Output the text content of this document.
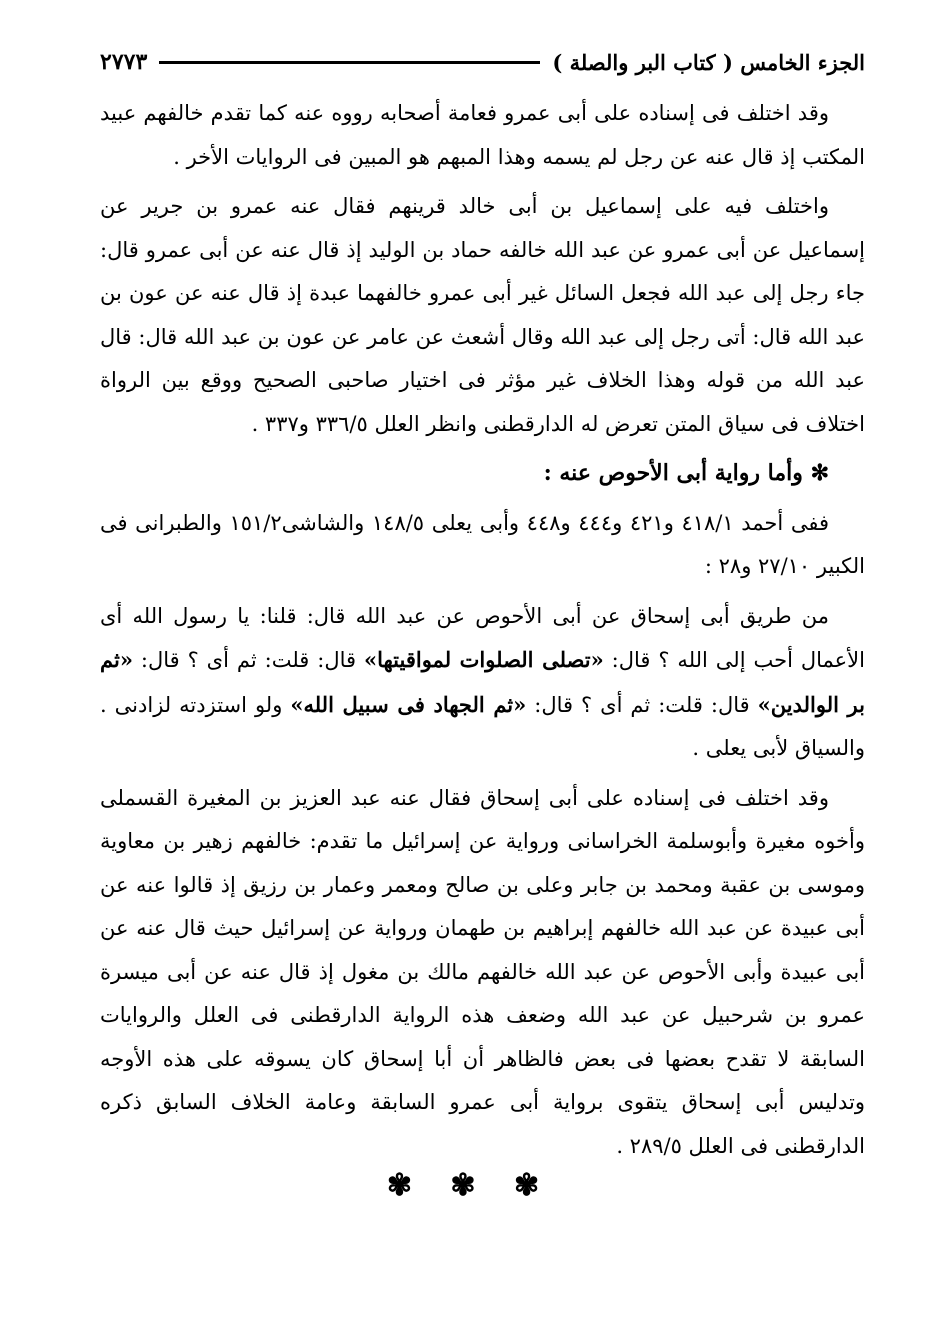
الجزء الخامس ( كتاب البر والصلة )
٢٧٧٣

وقد اختلف فى إسناده على أبى عمرو فعامة أصحابه رووه عنه كما تقدم خالفهم عبيد المكتب إذ قال عنه عن رجل لم يسمه وهذا المبهم هو المبين فى الروايات الأخر .

واختلف فيه على إسماعيل بن أبى خالد قرينهم فقال عنه عمرو بن جرير عن إسماعيل عن أبى عمرو عن عبد الله خالفه حماد بن الوليد إذ قال عنه عن أبى عمرو قال: جاء رجل إلى عبد الله فجعل السائل غير أبى عمرو خالفهما عبدة إذ قال عنه عن عون بن عبد الله قال: أتى رجل إلى عبد الله وقال أشعث عن عامر عن عون بن عبد الله قال: قال عبد الله من قوله وهذا الخلاف غير مؤثر فى اختيار صاحبى الصحيح ووقع بين الرواة اختلاف فى سياق المتن تعرض له الدارقطنى وانظر العلل ٣٣٦/٥ و٣٣٧ .

✻ وأما رواية أبى الأحوص عنه :

ففى أحمد ٤١٨/١ و٤٢١ و٤٤٤ و٤٤٨ وأبى يعلى ١٤٨/٥ والشاشى١٥١/٢ والطبرانى فى الكبير ٢٧/١٠ و٢٨ :

من طريق أبى إسحاق عن أبى الأحوص عن عبد الله قال: قلنا: يا رسول الله أى الأعمال أحب إلى الله ؟ قال: «تصلى الصلوات لمواقيتها» قال: قلت: ثم أى ؟ قال: «ثم بر الوالدين» قال: قلت: ثم أى ؟ قال: «ثم الجهاد فى سبيل الله» ولو استزدته لزادنى . والسياق لأبى يعلى .

وقد اختلف فى إسناده على أبى إسحاق فقال عنه عبد العزيز بن المغيرة القسملى وأخوه مغيرة وأبوسلمة الخراسانى ورواية عن إسرائيل ما تقدم: خالفهم زهير بن معاوية وموسى بن عقبة ومحمد بن جابر وعلى بن صالح ومعمر وعمار بن رزيق إذ قالوا عنه عن أبى عبيدة عن عبد الله خالفهم إبراهيم بن طهمان ورواية عن إسرائيل حيث قال عنه عن أبى عبيدة وأبى الأحوص عن عبد الله خالفهم مالك بن مغول إذ قال عنه عن أبى ميسرة عمرو بن شرحبيل عن عبد الله وضعف هذه الرواية الدارقطنى فى العلل والروايات السابقة لا تقدح بعضها فى بعض فالظاهر أن أبا إسحاق كان يسوقه على هذه الأوجه وتدليس أبى إسحاق يتقوى برواية أبى عمرو السابقة وعامة الخلاف السابق ذكره الدارقطنى فى العلل ٢٨٩/٥ .

✾ ✾ ✾
